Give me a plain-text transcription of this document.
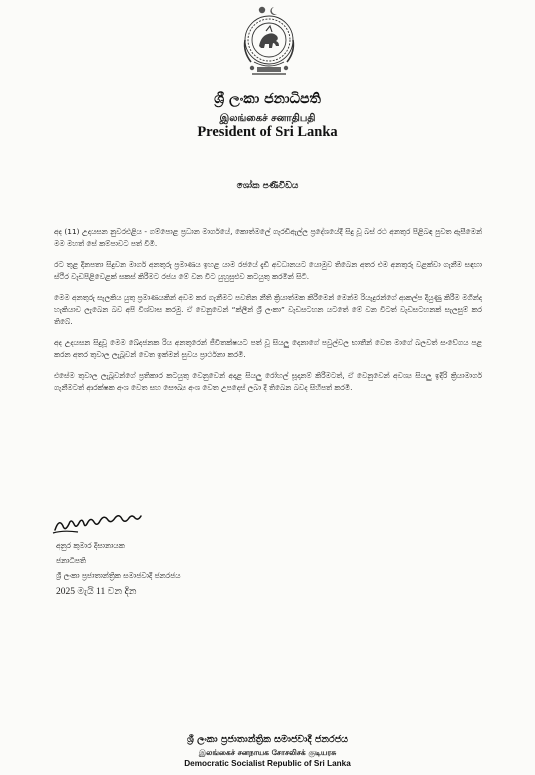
ශ්‍රී ලංකා ජනාධිපති
இலங்கைச் சனாதிபதி
President of Sri Lanka
ශෝක පණිවිඩය

අද (11) උදයසන නුවරඑළිය - ගම්පොළ ප්‍රධාන මාර්ගයේ, කොත්මලේ ගැරඩිඇල්ල ප්‍රදේශයේදී සිදු වූ බස් රථ අනතුර පිළිබඳ පුවත ඇසීමෙන් මම මහත් සේ කම්පාවට පත් වීමි.

රට තුළ දිනපතා සිදුවන මාර්ග අනතුරු ප්‍රමාණය ඉහළ යාම රජයේ දැඩි අවධානයට යොමුව තිබෙන අතර එම අනතුරු වළක්වා ගැනීම සඳහා ස්ථිර වැඩපිළිවෙළක් සකස් කිරීමට රජය මේ වන විට යුහුසුළුව කටයුතු කරමින් සිටී.

මෙම අනතුරු සැලකිය යුතු ප්‍රමාණයකින් අවම කර ගැනීමට පවතින නීති ක්‍රියාත්මක කිරීමෙන් මෙන්ම රියැදුරන්ගේ ආකල්ප දියුණු කිරීම මගින්ද හැකියාව ලැබෙන බව අපි විශ්වාස කරමු. ඒ වෙනුවෙන් “ක්ලීන් ශ්‍රී ලංකා” වැඩසටහන යටතේ මේ වන විටත් වැඩසටහනක් සැලසුම් කර තිබේ.

අද උදයසන සිදුවූ මෙම ඛේදජනක රිය අනතුරෙන් ජීවිතක්ෂයට පත් වූ සියලු දෙනාගේ පවුල්වල භාතීන් වෙත මාගේ බලවත් සංවේගය පළ කරන අතර තුවාල ලැබූවන් වෙත ඉක්මන් සුවය ප්‍රාර්ථනා කරමි.

එසේම තුවාල ලැබූවන්ගේ ප්‍රතිකාර කටයුතු වෙනුවෙන් අදාළ සියලු රෝහල් සූදානම් කිරීමටත්, ඒ වෙනුවෙන් අවශ්‍ය සියලු ඉදිරි ක්‍රියාමාර්ග ගැනීමටත් ආරක්ෂක අංශ වෙත සහ සෞඛ්‍ය අංශ වෙත උපදෙස් ලබා දී තිබෙන බවද සිහිපත් කරමි.

අනුර කුමාර දිසානායක
ජනාධිපති
ශ්‍රී ලංකා ප්‍රජාතාන්ත්‍රික සමාජවාදී ජනරජය
2025 මැයි 11 වන දින
ශ්‍රී ලංකා ප්‍රජාතාන්ත්‍රික සමාජවාදී ජනරජය
இலங்கைச் சனநாயக சோசலிசக் குடியரசு
Democratic Socialist Republic of Sri Lanka
